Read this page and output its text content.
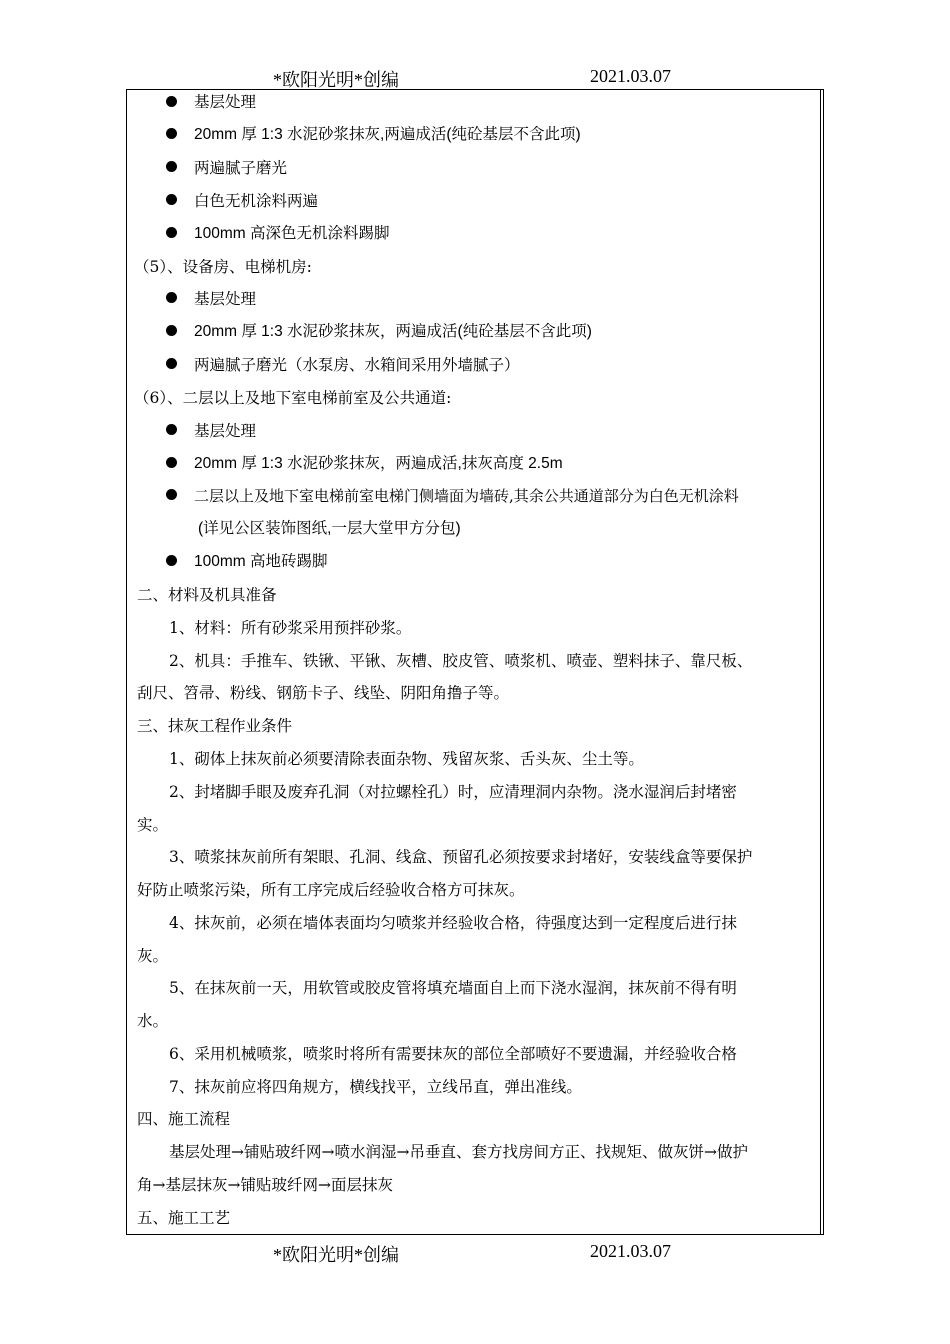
*欧阳光明*创编	2021.03.07
基层处理
20mm 厚 1:3 水泥砂浆抹灰,两遍成活(纯砼基层不含此项)
两遍腻子磨光
白色无机涂料两遍
100mm 高深色无机涂料踢脚
（5）、设备房、电梯机房:
基层处理
20mm 厚 1:3 水泥砂浆抹灰，两遍成活(纯砼基层不含此项)
两遍腻子磨光（水泵房、水箱间采用外墙腻子）
（6）、二层以上及地下室电梯前室及公共通道:
基层处理
20mm 厚 1:3 水泥砂浆抹灰，两遍成活,抹灰高度 2.5m
二层以上及地下室电梯前室电梯门侧墙面为墙砖,其余公共通道部分为白色无机涂料
(详见公区装饰图纸,一层大堂甲方分包)
100mm 高地砖踢脚
二、材料及机具准备
1、材料：所有砂浆采用预拌砂浆。
2、机具：手推车、铁锹、平锹、灰槽、胶皮管、喷浆机、喷壶、塑料抹子、靠尺板、
刮尺、笤帚、粉线、钢筋卡子、线坠、阴阳角撸子等。
三、抹灰工程作业条件
1、砌体上抹灰前必须要清除表面杂物、残留灰浆、舌头灰、尘土等。
2、封堵脚手眼及废弃孔洞（对拉螺栓孔）时，应清理洞内杂物。浇水湿润后封堵密
实。
3、喷浆抹灰前所有架眼、孔洞、线盒、预留孔必须按要求封堵好，安装线盒等要保护
好防止喷浆污染，所有工序完成后经验收合格方可抹灰。
4、抹灰前，必须在墙体表面均匀喷浆并经验收合格，待强度达到一定程度后进行抹
灰。
5、在抹灰前一天，用软管或胶皮管将填充墙面自上而下浇水湿润，抹灰前不得有明
水。
6、采用机械喷浆，喷浆时将所有需要抹灰的部位全部喷好不要遗漏，并经验收合格
7、抹灰前应将四角规方，横线找平，立线吊直，弹出准线。
四、施工流程
基层处理→铺贴玻纤网→喷水润湿→吊垂直、套方找房间方正、找规矩、做灰饼→做护
角→基层抹灰→铺贴玻纤网→面层抹灰
五、施工工艺
*欧阳光明*创编	2021.03.07
